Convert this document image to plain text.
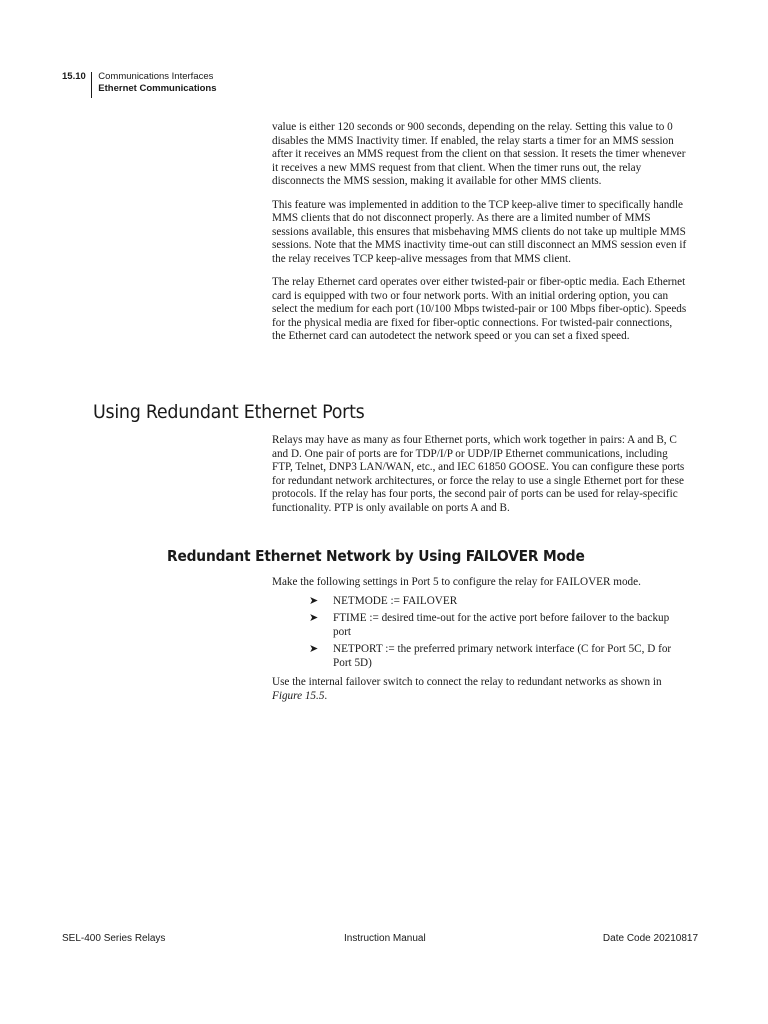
15.10	Communications Interfaces
Ethernet Communications

value is either 120 seconds or 900 seconds, depending on the relay. Setting this value to 0 disables the MMS Inactivity timer. If enabled, the relay starts a timer for an MMS session after it receives an MMS request from the client on that session. It resets the timer whenever it receives a new MMS request from that client. When the timer runs out, the relay disconnects the MMS session, making it available for other MMS clients.

This feature was implemented in addition to the TCP keep-alive timer to specifically handle MMS clients that do not disconnect properly. As there are a limited number of MMS sessions available, this ensures that misbehaving MMS clients do not take up multiple MMS sessions. Note that the MMS inactivity time-out can still disconnect an MMS session even if the relay receives TCP keep-alive messages from that MMS client.

The relay Ethernet card operates over either twisted-pair or fiber-optic media. Each Ethernet card is equipped with two or four network ports. With an initial ordering option, you can select the medium for each port (10/100 Mbps twisted-pair or 100 Mbps fiber-optic). Speeds for the physical media are fixed for fiber-optic connections. For twisted-pair connections, the Ethernet card can autodetect the network speed or you can set a fixed speed.

Using Redundant Ethernet Ports

Relays may have as many as four Ethernet ports, which work together in pairs: A and B, C and D. One pair of ports are for TDP/I/P or UDP/IP Ethernet communications, including FTP, Telnet, DNP3 LAN/WAN, etc., and IEC 61850 GOOSE. You can configure these ports for redundant network architectures, or force the relay to use a single Ethernet port for these protocols. If the relay has four ports, the second pair of ports can be used for relay-specific functionality. PTP is only available on ports A and B.

Redundant Ethernet Network by Using FAILOVER Mode

Make the following settings in Port 5 to configure the relay for FAILOVER mode.

➤ NETMODE := FAILOVER
➤ FTIME := desired time-out for the active port before failover to the backup port
➤ NETPORT := the preferred primary network interface (C for Port 5C, D for Port 5D)

Use the internal failover switch to connect the relay to redundant networks as shown in Figure 15.5.

SEL-400 Series Relays	Instruction Manual	Date Code 20210817
